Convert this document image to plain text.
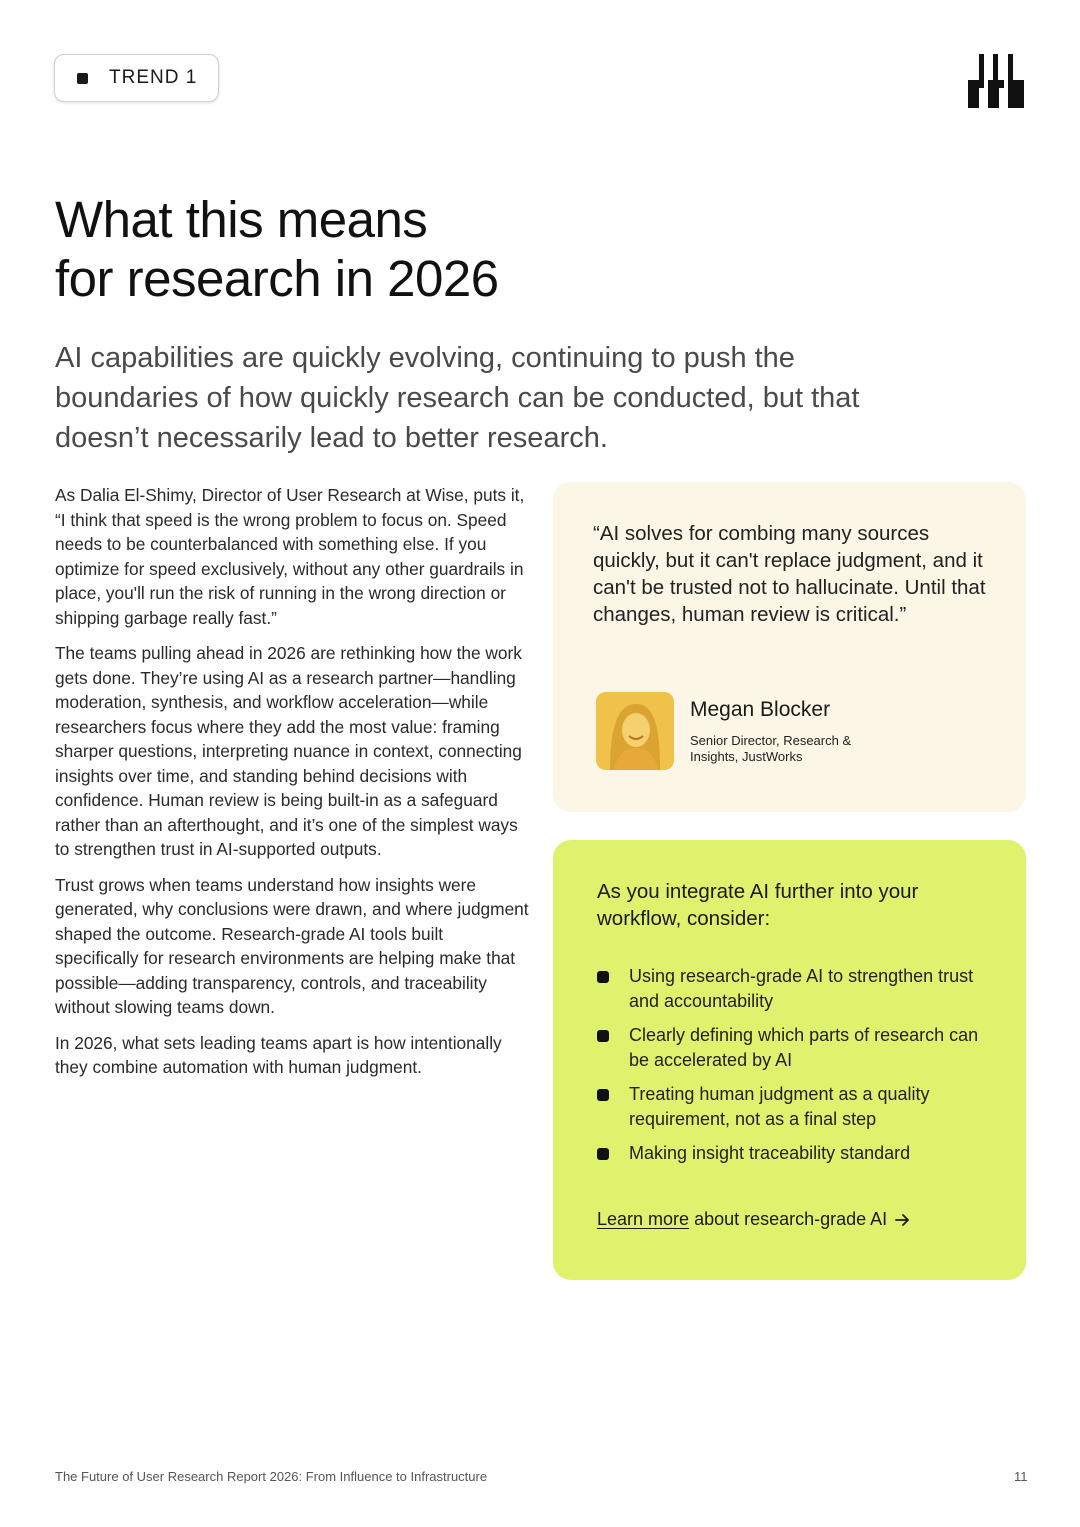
TREND 1
What this means
for research in 2026

AI capabilities are quickly evolving, continuing to push the boundaries of how quickly research can be conducted, but that doesn’t necessarily lead to better research.

As Dalia El-Shimy, Director of User Research at Wise, puts it, “I think that speed is the wrong problem to focus on. Speed needs to be counterbalanced with something else. If you optimize for speed exclusively, without any other guardrails in place, you'll run the risk of running in the wrong direction or shipping garbage really fast.”

The teams pulling ahead in 2026 are rethinking how the work gets done. They’re using AI as a research partner—handling moderation, synthesis, and workflow acceleration—while researchers focus where they add the most value: framing sharper questions, interpreting nuance in context, connecting insights over time, and standing behind decisions with confidence. Human review is being built-in as a safeguard rather than an afterthought, and it’s one of the simplest ways to strengthen trust in AI-supported outputs.

Trust grows when teams understand how insights were generated, why conclusions were drawn, and where judgment shaped the outcome. Research-grade AI tools built specifically for research environments are helping make that possible—adding transparency, controls, and traceability without slowing teams down.

In 2026, what sets leading teams apart is how intentionally they combine automation with human judgment.

“AI solves for combing many sources quickly, but it can't replace judgment, and it can't be trusted not to hallucinate. Until that changes, human review is critical.”

Megan Blocker
Senior Director, Research & Insights, JustWorks

As you integrate AI further into your workflow, consider:

Using research-grade AI to strengthen trust and accountability
Clearly defining which parts of research can be accelerated by AI
Treating human judgment as a quality requirement, not as a final step
Making insight traceability standard
Learn more about research-grade AI
The Future of User Research Report 2026: From Influence to Infrastructure	11
